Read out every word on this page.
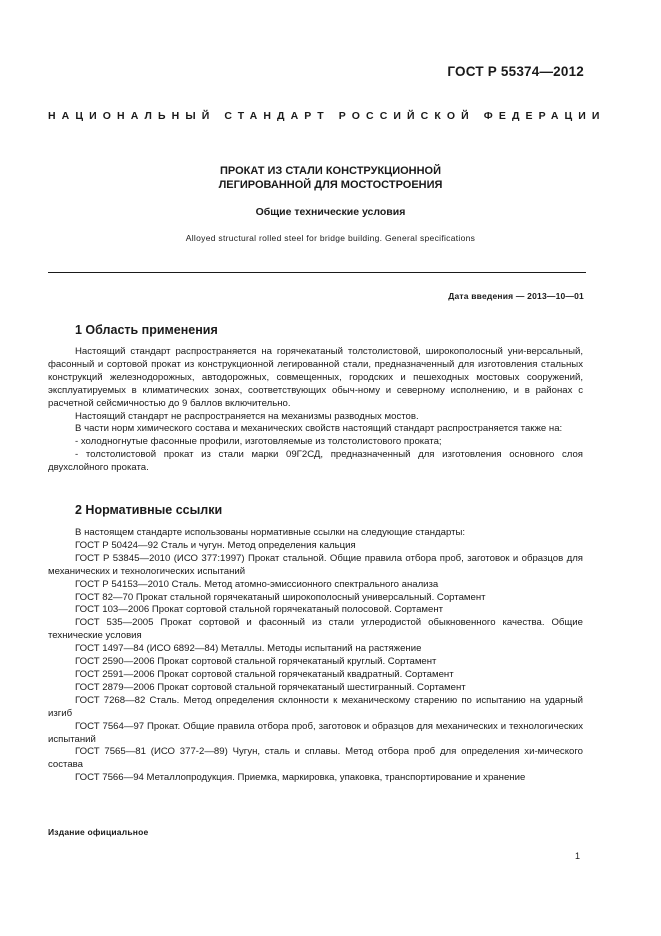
ГОСТ Р 55374—2012
НАЦИОНАЛЬНЫЙ СТАНДАРТ РОССИЙСКОЙ ФЕДЕРАЦИИ
ПРОКАТ ИЗ СТАЛИ КОНСТРУКЦИОННОЙ
ЛЕГИРОВАННОЙ ДЛЯ МОСТОСТРОЕНИЯ
Общие технические условия
Alloyed structural rolled steel for bridge building. General specifications
Дата введения — 2013—10—01
1 Область применения

Настоящий стандарт распространяется на горячекатаный толстолистовой, широкополосный уни-версальный, фасонный и сортовой прокат из конструкционной легированной стали, предназначенный для изготовления стальных конструкций железнодорожных, автодорожных, совмещенных, городских и пешеходных мостовых сооружений, эксплуатируемых в климатических зонах, соответствующих обыч-ному и северному исполнению, и в районах с расчетной сейсмичностью до 9 баллов включительно.

Настоящий стандарт не распространяется на механизмы разводных мостов.

В части норм химического состава и механических свойств настоящий стандарт распространяется также на:

- холодногнутые фасонные профили, изготовляемые из толстолистового проката;

- толстолистовой прокат из стали марки 09Г2СД, предназначенный для изготовления основного слоя двухслойного проката.

2 Нормативные ссылки

В настоящем стандарте использованы нормативные ссылки на следующие стандарты:

ГОСТ Р 50424—92 Сталь и чугун. Метод определения кальция

ГОСТ Р 53845—2010 (ИСО 377:1997) Прокат стальной. Общие правила отбора проб, заготовок и образцов для механических и технологических испытаний

ГОСТ Р 54153—2010 Сталь. Метод атомно-эмиссионного спектрального анализа

ГОСТ 82—70 Прокат стальной горячекатаный широкополосный универсальный. Сортамент

ГОСТ 103—2006 Прокат сортовой стальной горячекатаный полосовой. Сортамент

ГОСТ 535—2005 Прокат сортовой и фасонный из стали углеродистой обыкновенного качества. Общие технические условия

ГОСТ 1497—84 (ИСО 6892—84) Металлы. Методы испытаний на растяжение

ГОСТ 2590—2006 Прокат сортовой стальной горячекатаный круглый. Сортамент

ГОСТ 2591—2006 Прокат сортовой стальной горячекатаный квадратный. Сортамент

ГОСТ 2879—2006 Прокат сортовой стальной горячекатаный шестигранный. Сортамент

ГОСТ 7268—82 Сталь. Метод определения склонности к механическому старению по испытанию на ударный изгиб

ГОСТ 7564—97 Прокат. Общие правила отбора проб, заготовок и образцов для механических и технологических испытаний

ГОСТ 7565—81 (ИСО 377-2—89) Чугун, сталь и сплавы. Метод отбора проб для определения хи-мического состава

ГОСТ 7566—94 Металлопродукция. Приемка, маркировка, упаковка, транспортирование и хранение

Издание официальное
1
